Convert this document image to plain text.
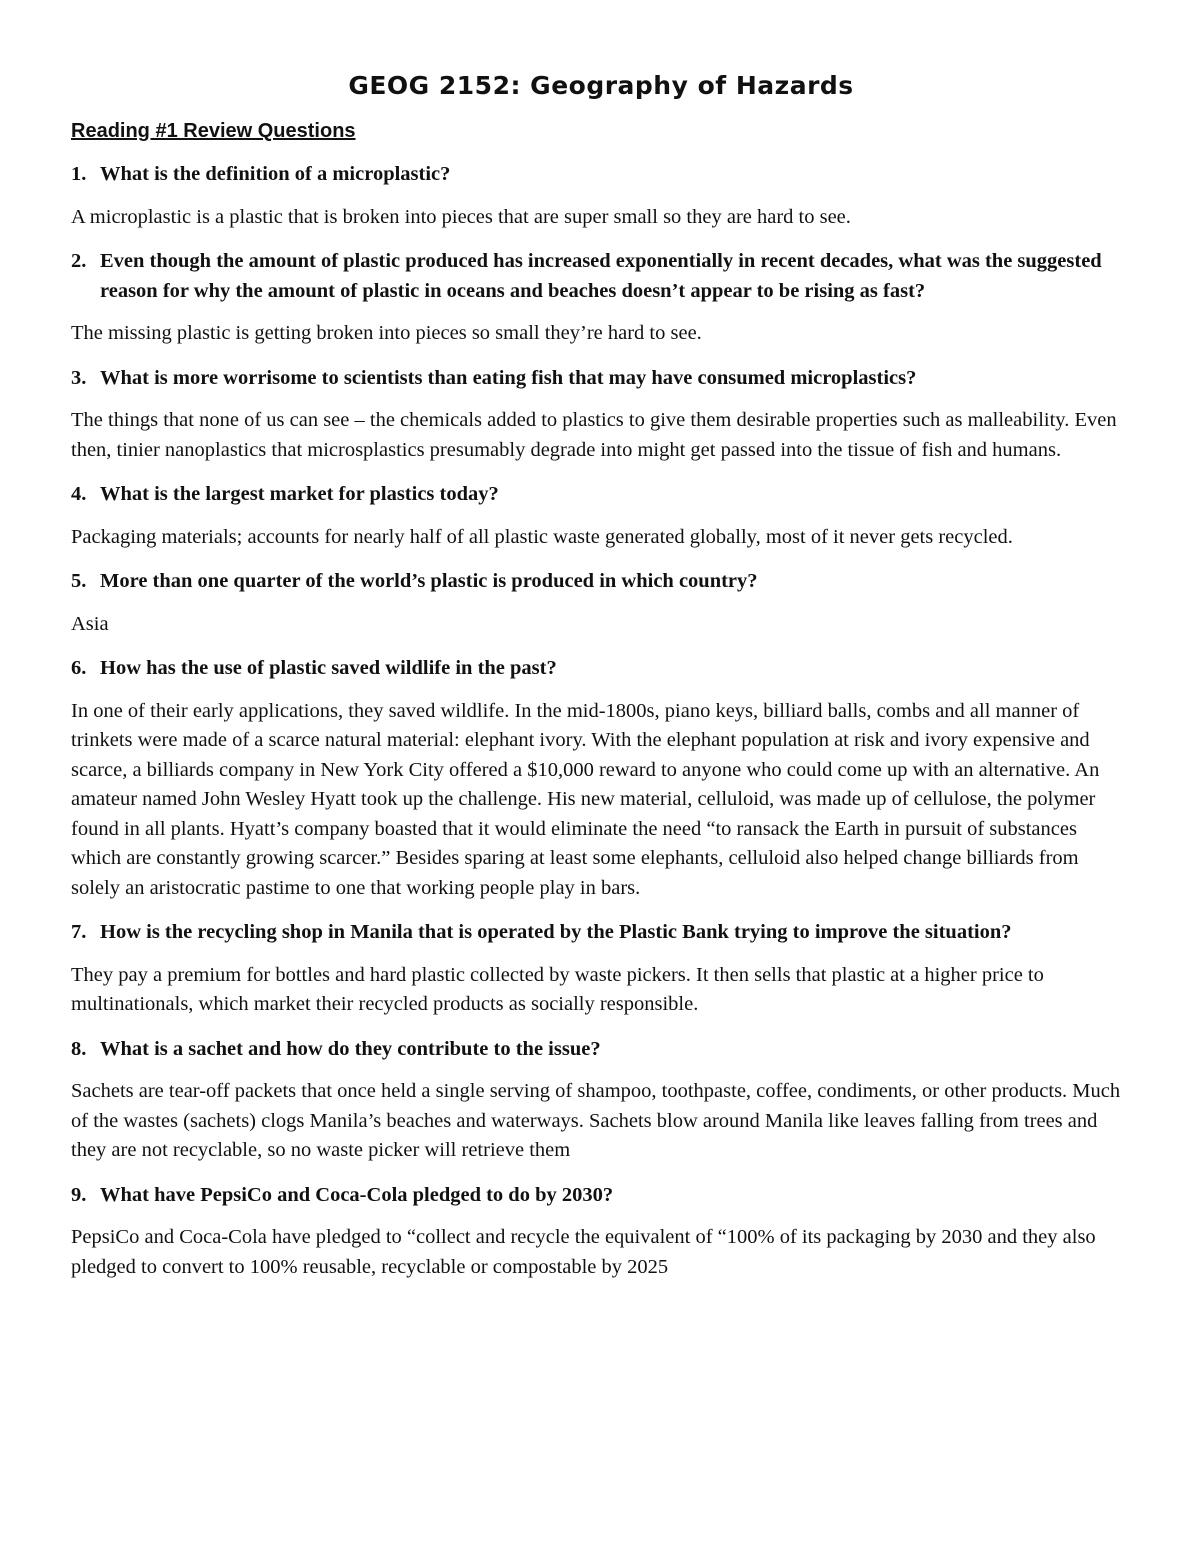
GEOG 2152: Geography of Hazards
Reading #1 Review Questions
1. What is the definition of a microplastic?
A microplastic is a plastic that is broken into pieces that are super small so they are hard to see.
2. Even though the amount of plastic produced has increased exponentially in recent decades, what was the suggested reason for why the amount of plastic in oceans and beaches doesn’t appear to be rising as fast?
The missing plastic is getting broken into pieces so small they’re hard to see.
3. What is more worrisome to scientists than eating fish that may have consumed microplastics?
The things that none of us can see – the chemicals added to plastics to give them desirable properties such as malleability. Even then, tinier nanoplastics that microsplastics presumably degrade into might get passed into the tissue of fish and humans.
4. What is the largest market for plastics today?
Packaging materials; accounts for nearly half of all plastic waste generated globally, most of it never gets recycled.
5. More than one quarter of the world’s plastic is produced in which country?
Asia
6. How has the use of plastic saved wildlife in the past?
In one of their early applications, they saved wildlife. In the mid-1800s, piano keys, billiard balls, combs and all manner of trinkets were made of a scarce natural material: elephant ivory. With the elephant population at risk and ivory expensive and scarce, a billiards company in New York City offered a $10,000 reward to anyone who could come up with an alternative. An amateur named John Wesley Hyatt took up the challenge. His new material, celluloid, was made up of cellulose, the polymer found in all plants. Hyatt’s company boasted that it would eliminate the need “to ransack the Earth in pursuit of substances which are constantly growing scarcer.” Besides sparing at least some elephants, celluloid also helped change billiards from solely an aristocratic pastime to one that working people play in bars.
7. How is the recycling shop in Manila that is operated by the Plastic Bank trying to improve the situation?
They pay a premium for bottles and hard plastic collected by waste pickers. It then sells that plastic at a higher price to multinationals, which market their recycled products as socially responsible.
8. What is a sachet and how do they contribute to the issue?
Sachets are tear-off packets that once held a single serving of shampoo, toothpaste, coffee, condiments, or other products. Much of the wastes (sachets) clogs Manila’s beaches and waterways. Sachets blow around Manila like leaves falling from trees and they are not recyclable, so no waste picker will retrieve them
9. What have PepsiCo and Coca-Cola pledged to do by 2030?
PepsiCo and Coca-Cola have pledged to “collect and recycle the equivalent of “100% of its packaging by 2030 and they also pledged to convert to 100% reusable, recyclable or compostable by 2025
